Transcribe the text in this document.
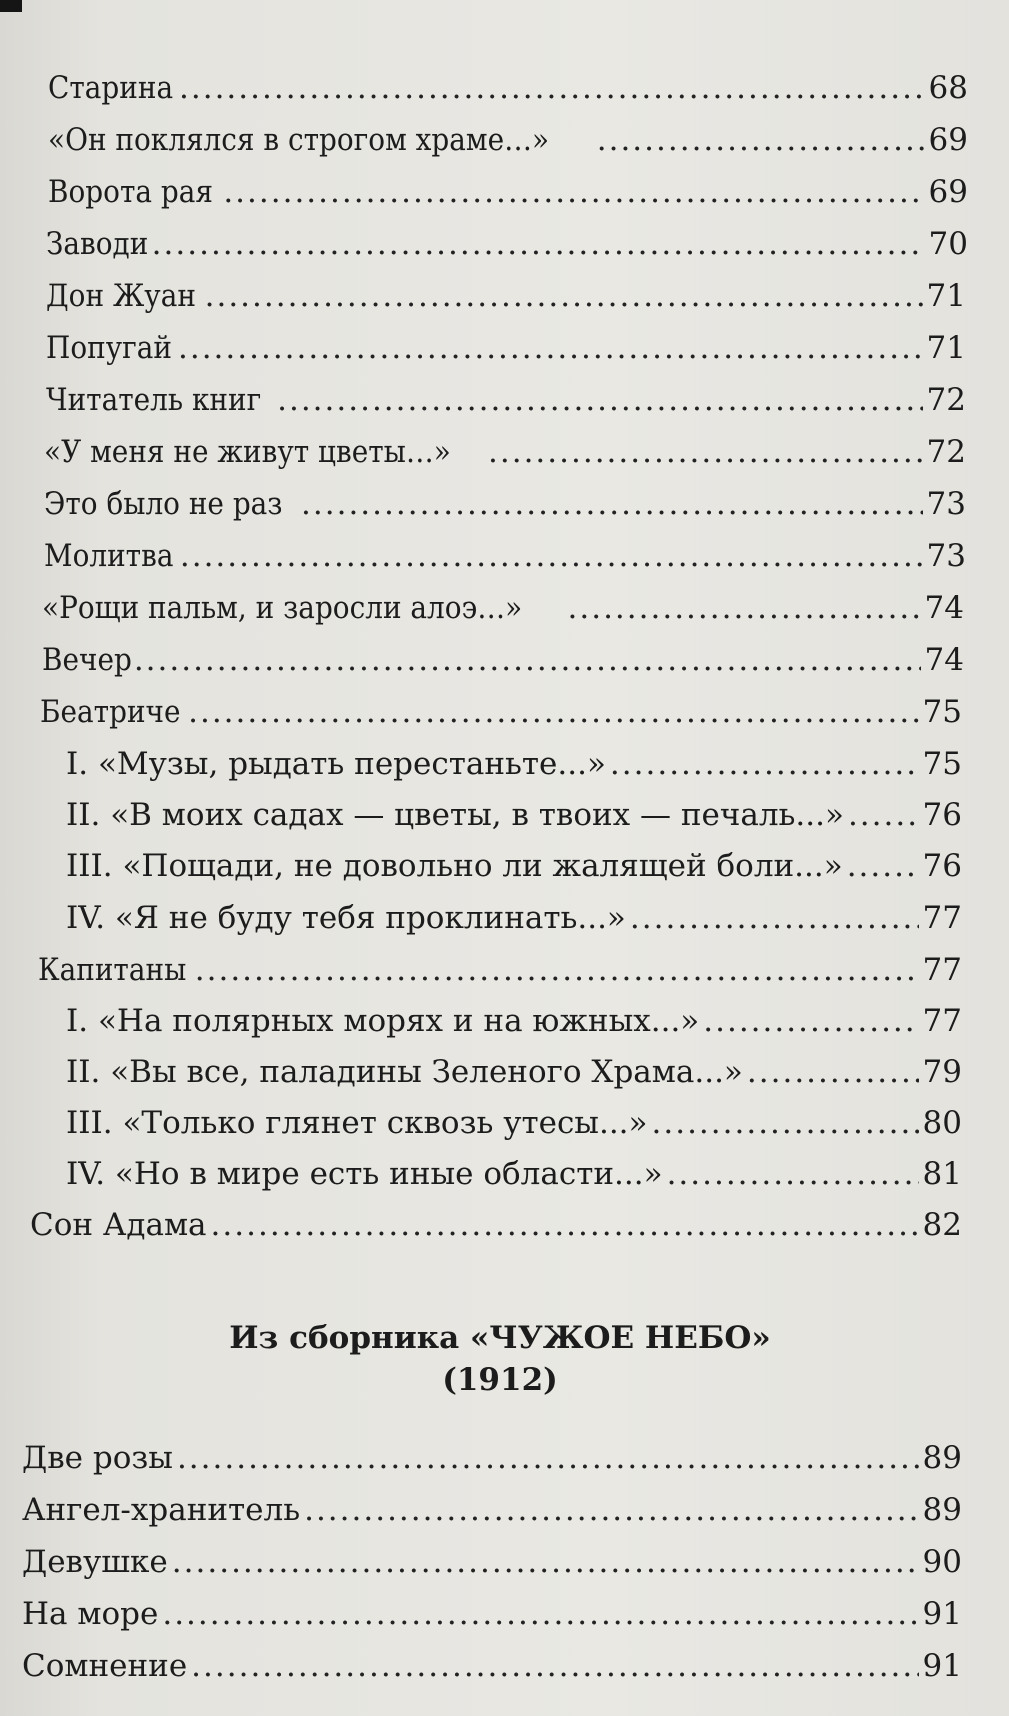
Старина .....	68
«Он поклялся в строгом храме…» .....	69
Ворота рая .....	69
Заводи .....	70
Дон Жуан .....	71
Попугай .....	71
Читатель книг .....	72
«У меня не живут цветы…» .....	72
Это было не раз .....	73
Молитва .....	73
«Рощи пальм, и заросли алоэ…» .....	74
Вечер .....	74
Беатриче .....	75
I. «Музы, рыдать перестаньте...» .....	75
II. «В моих садах — цветы, в твоих — печаль...» .....	76
III. «Пощади, не довольно ли жалящей боли...» .....	76
IV. «Я не буду тебя проклинать...» .....	77
Капитаны .....	77
I. «На полярных морях и на южных...» .....	77
II. «Вы все, паладины Зеленого Храма...» .....	79
III. «Только глянет сквозь утесы...» .....	80
IV. «Но в мире есть иные области...» .....	81
Сон Адама .....	82
Из сборника «ЧУЖОЕ НЕБО»
(1912)
Две розы .....	89
Ангел-хранитель .....	89
Девушке .....	90
На море .....	91
Сомнение .....	91
